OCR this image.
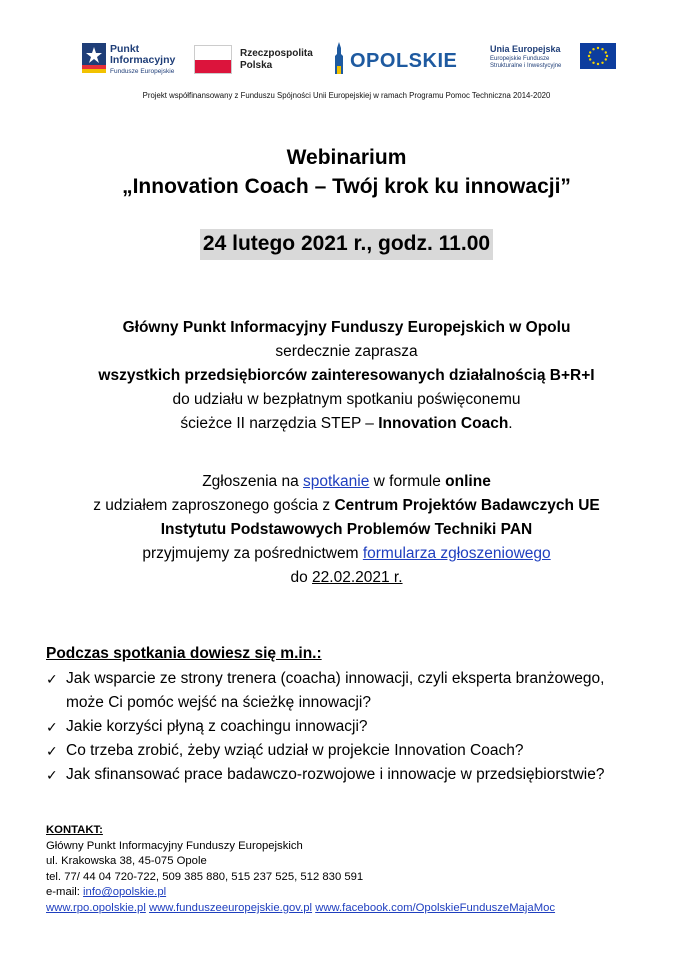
Punkt
Informacyjny
Fundusze Europejskie
Rzeczpospolita
Polska	OPOLSKIE
Unia Europejska
Europejskie Fundusze
Strukturalne i Inwestycyjne
Projekt współfinansowany z Funduszu Spójności Unii Europejskiej w ramach Programu Pomoc Techniczna 2014-2020
Webinarium
„Innovation Coach – Twój krok ku innowacji”
24 lutego 2021 r., godz. 11.00
Główny Punkt Informacyjny Funduszy Europejskich w Opolu
serdecznie zaprasza
wszystkich przedsiębiorców zainteresowanych działalnością B+R+I
do udziału w bezpłatnym spotkaniu poświęconemu
ścieżce II narzędzia STEP – Innovation Coach.
Zgłoszenia na spotkanie w formule online
z udziałem zaproszonego gościa z Centrum Projektów Badawczych UE
Instytutu Podstawowych Problemów Techniki PAN
przyjmujemy za pośrednictwem formularza zgłoszeniowego
do 22.02.2021 r.
Podczas spotkania dowiesz się m.in.:
✓ Jak wsparcie ze strony trenera (coacha) innowacji, czyli eksperta branżowego,
może Ci pomóc wejść na ścieżkę innowacji?
✓ Jakie korzyści płyną z coachingu innowacji?
✓ Co trzeba zrobić, żeby wziąć udział w projekcie Innovation Coach?
✓ Jak sfinansować prace badawczo-rozwojowe i innowacje w przedsiębiorstwie?
KONTAKT:
Główny Punkt Informacyjny Funduszy Europejskich
ul. Krakowska 38, 45-075 Opole
tel. 77/ 44 04 720-722, 509 385 880, 515 237 525, 512 830 591
e-mail: info@opolskie.pl
www.rpo.opolskie.pl www.funduszeeuropejskie.gov.pl www.facebook.com/OpolskieFunduszeMajaMoc
